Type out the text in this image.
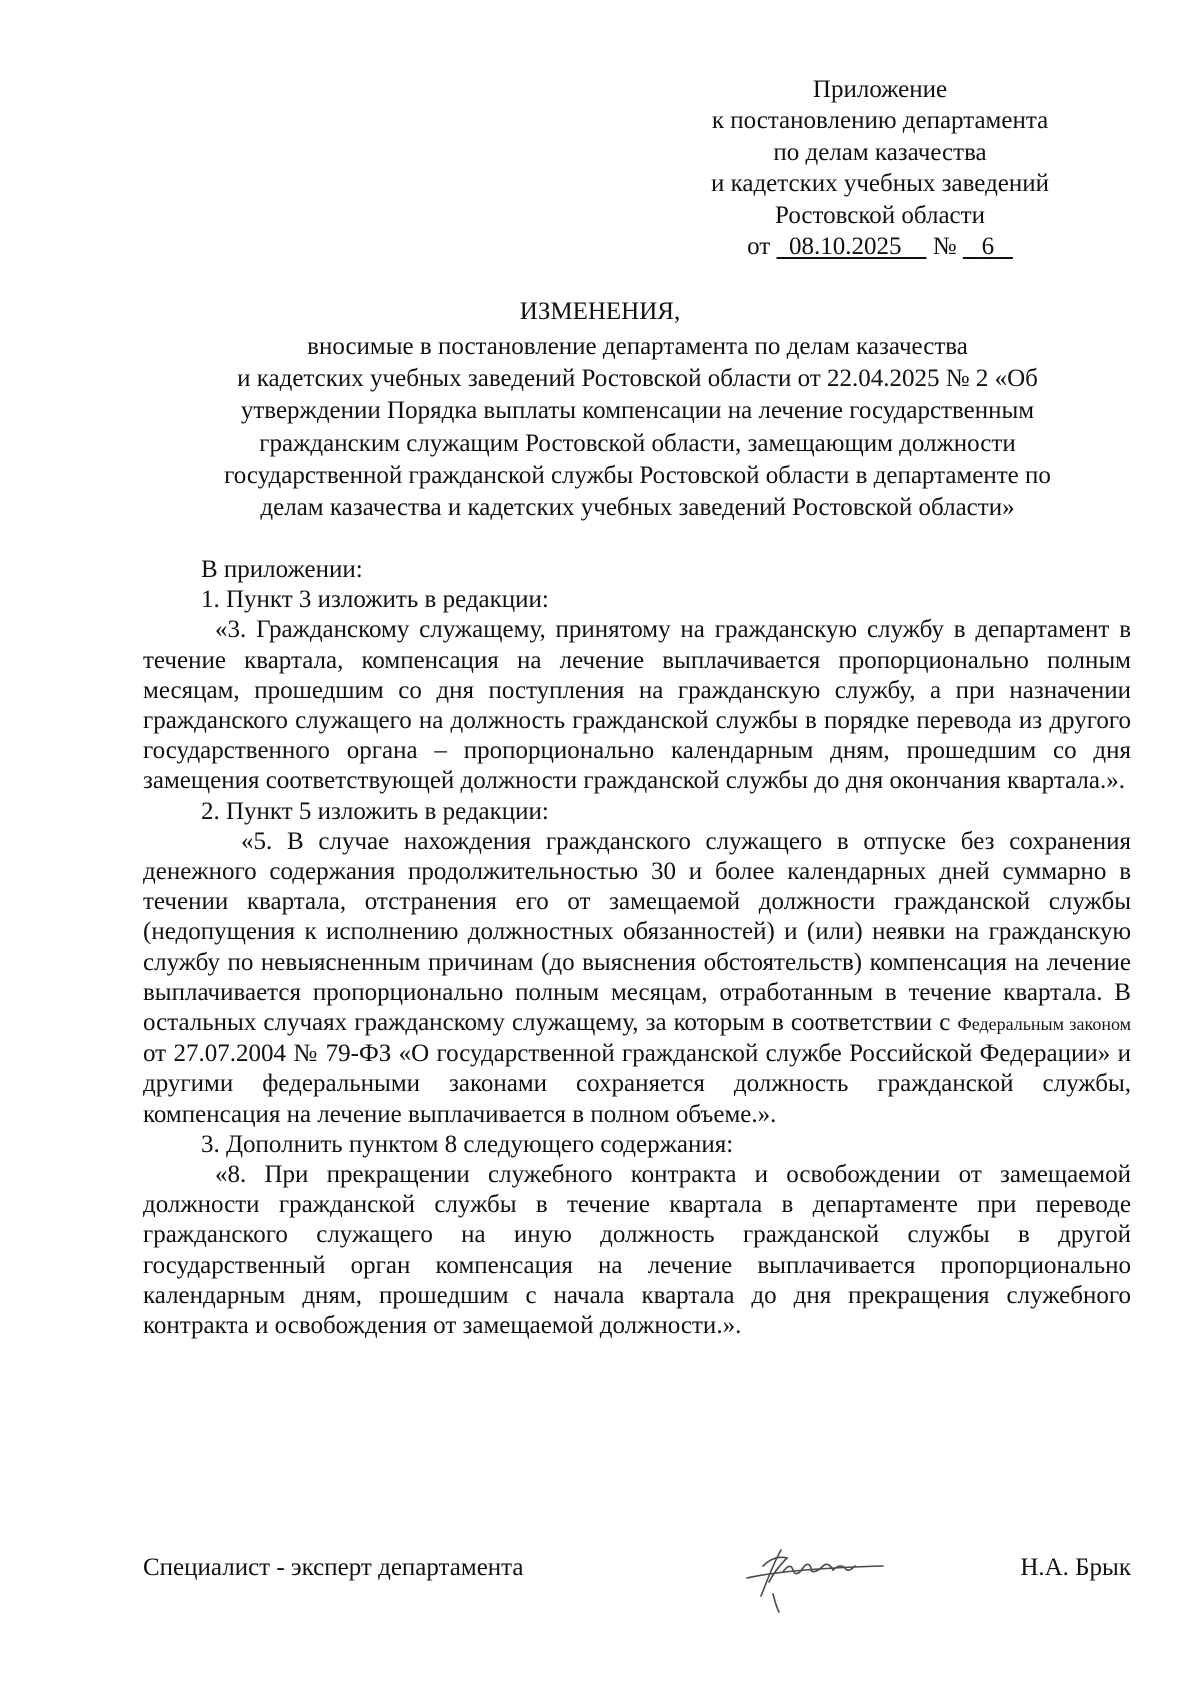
Приложение
к постановлению департамента
по делам казачества
и кадетских учебных заведений
Ростовской области
от 08.10.2025 № 6
ИЗМЕНЕНИЯ,
вносимые в постановление департамента по делам казачества
и кадетских учебных заведений Ростовской области от 22.04.2025 № 2 «Об
утверждении Порядка выплаты компенсации на лечение государственным
гражданским служащим Ростовской области, замещающим должности
государственной гражданской службы Ростовской области в департаменте по
делам казачества и кадетских учебных заведений Ростовской области»

В приложении:

1. Пункт 3 изложить в редакции:

«3. Гражданскому служащему, принятому на гражданскую службу в департамент в течение квартала, компенсация на лечение выплачивается пропорционально полным месяцам, прошедшим со дня поступления на гражданскую службу, а при назначении гражданского служащего на должность гражданской службы в порядке перевода из другого государственного органа – пропорционально календарным дням, прошедшим со дня замещения соответствующей должности гражданской службы до дня окончания квартала.».

2. Пункт 5 изложить в редакции:

«5. В случае нахождения гражданского служащего в отпуске без сохранения денежного содержания продолжительностью 30 и более календарных дней суммарно в течении квартала, отстранения его от замещаемой должности гражданской службы (недопущения к исполнению должностных обязанностей) и (или) неявки на гражданскую службу по невыясненным причинам (до выяснения обстоятельств) компенсация на лечение выплачивается пропорционально полным месяцам, отработанным в течение квартала. В остальных случаях гражданскому служащему, за которым в соответствии с Федеральным законом от 27.07.2004 № 79-ФЗ «О государственной гражданской службе Российской Федерации» и другими федеральными законами сохраняется должность гражданской службы, компенсация на лечение выплачивается в полном объеме.».

3. Дополнить пунктом 8 следующего содержания:

«8. При прекращении служебного контракта и освобождении от замещаемой должности гражданской службы в течение квартала в департаменте при переводе гражданского служащего на иную должность гражданской службы в другой государственный орган компенсация на лечение выплачивается пропорционально календарным дням, прошедшим с начала квартала до дня прекращения служебного контракта и освобождения от замещаемой должности.».

Специалист - эксперт департамента	Н.А. Брык
